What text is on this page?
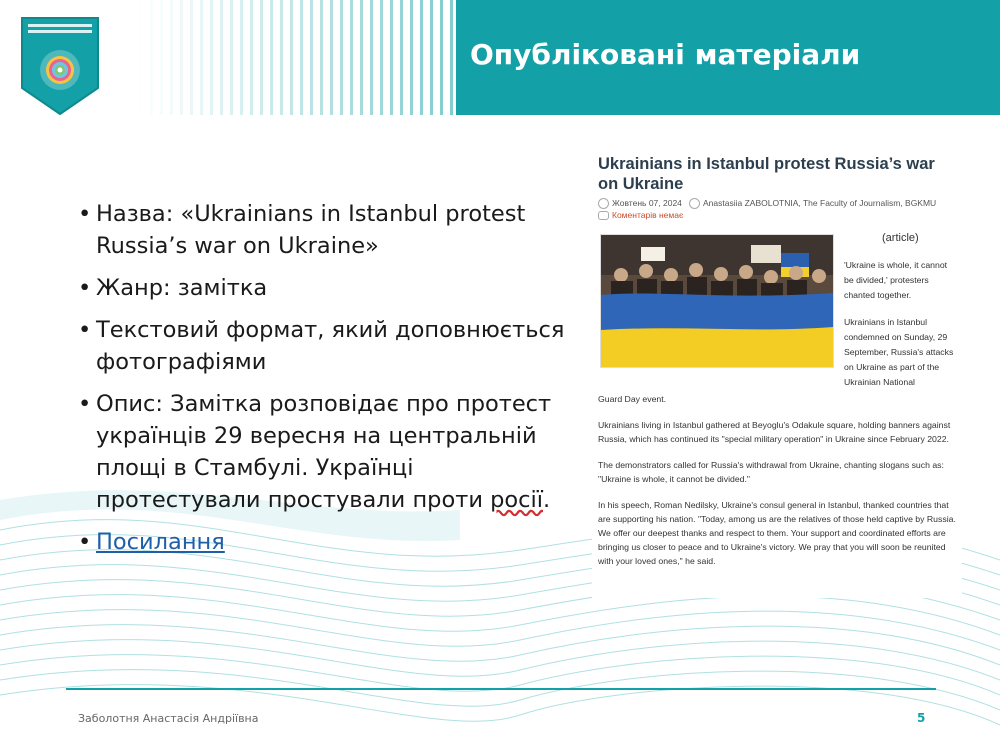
Опубліковані матеріали
• Назва: «Ukrainians in Istanbul protest Russia’s war on Ukraine»
• Жанр: замітка
• Текстовий формат, який доповнюється фотографіями
• Опис: Замітка розповідає про протест українців 29 вересня на центральній площі в Стамбулі. Українці протестували простували проти росії.
• Посилання
Ukrainians in Istanbul protest Russia’s war on Ukraine
Жовтень 07, 2024 Anastasiia ZABOLOTNIA, The Faculty of Journalism, BGKMU
Коментарів немає
(article)

'Ukraine is whole, it cannot be divided,' protesters chanted together.

Ukrainians in Istanbul condemned on Sunday, 29 September, Russia's attacks on Ukraine as part of the Ukrainian National

Guard Day event.

Ukrainians living in Istanbul gathered at Beyoglu's Odakule square, holding banners against Russia, which has continued its "special military operation" in Ukraine since February 2022.

The demonstrators called for Russia's withdrawal from Ukraine, chanting slogans such as: "Ukraine is whole, it cannot be divided."

In his speech, Roman Nedilsky, Ukraine's consul general in Istanbul, thanked countries that are supporting his nation. "Today, among us are the relatives of those held captive by Russia. We offer our deepest thanks and respect to them. Your support and coordinated efforts are bringing us closer to peace and to Ukraine's victory. We pray that you will soon be reunited with your loved ones," he said.

Заболотня Анастасія Андріївна	5
